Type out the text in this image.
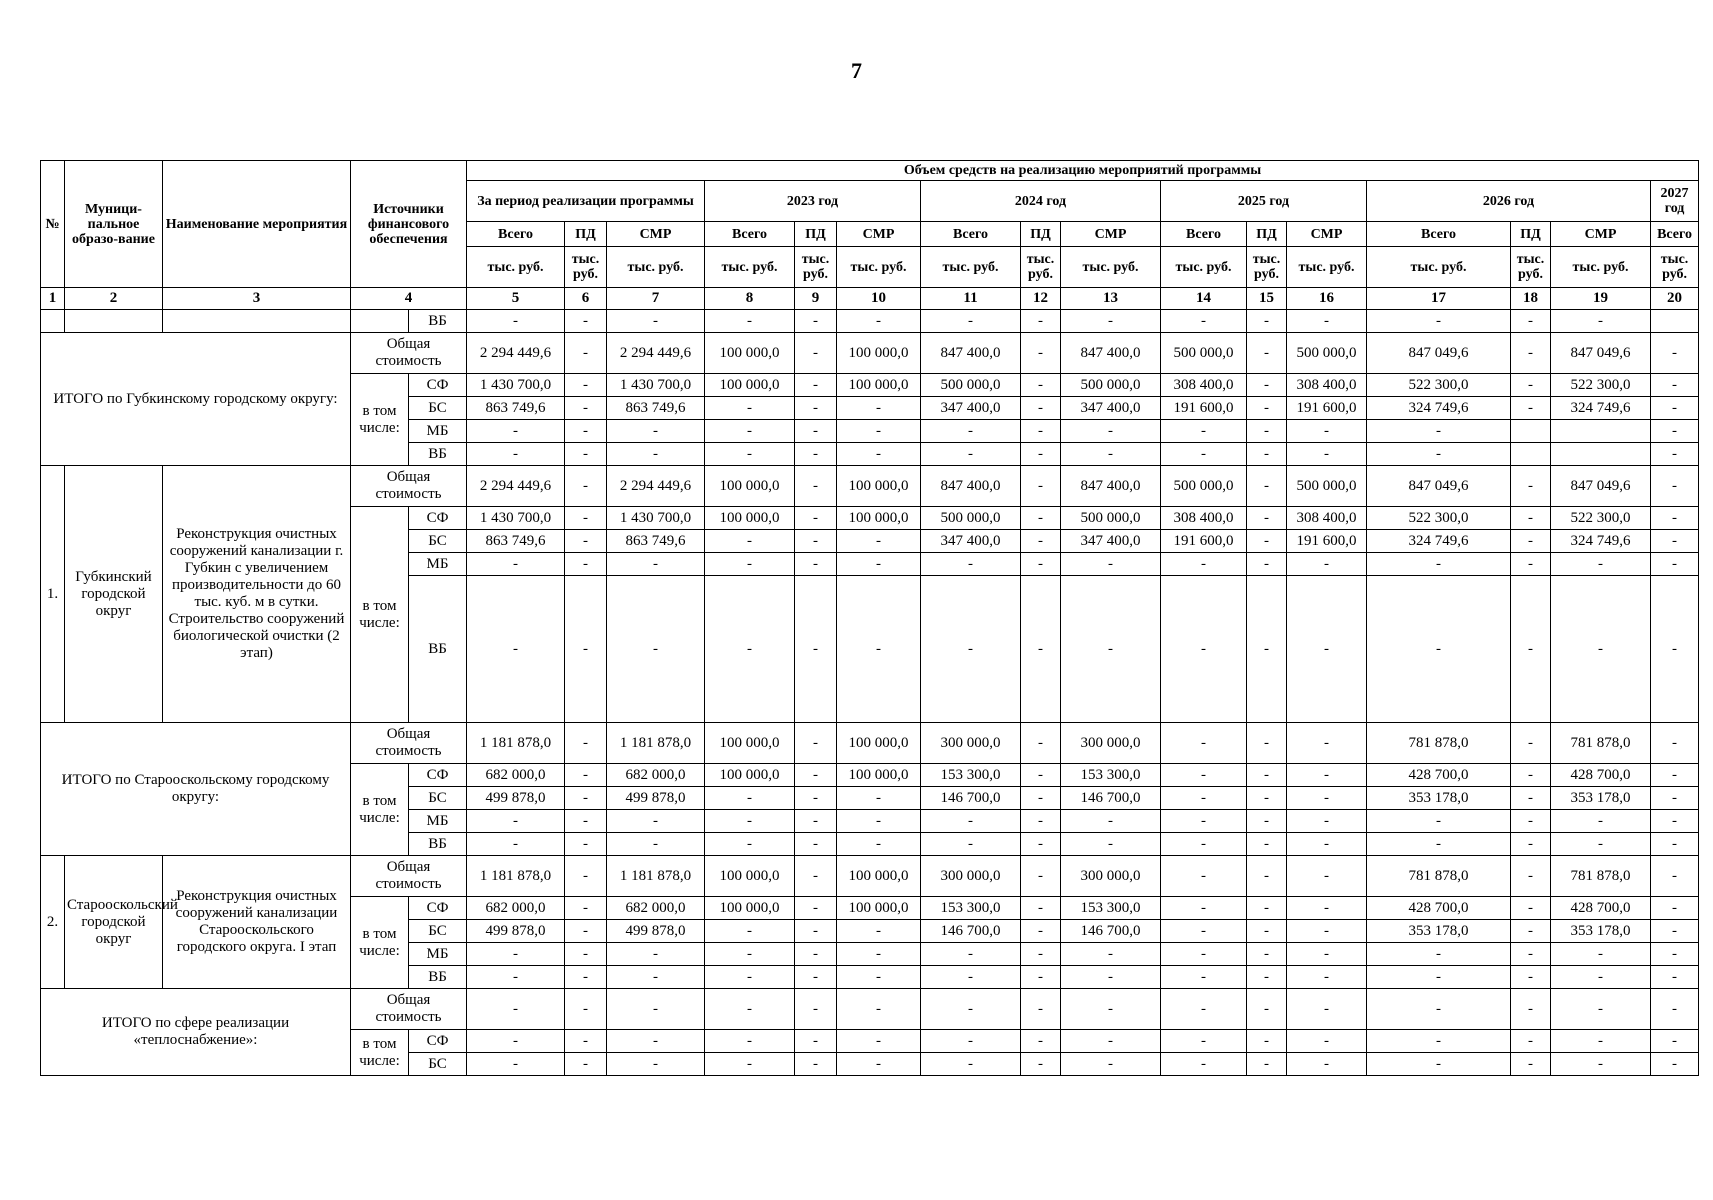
7
№	Муници-пальное образо-вание	Наименование мероприятия	Источники финансового обеспечения		Объем средств на реализацию мероприятий программы															
					За период реализации программы			2023 год			2024 год			2025 год			2026 год			2027 год
					Всего	ПД	СМР	Всего	ПД	СМР	Всего	ПД	СМР	Всего	ПД	СМР	Всего	ПД	СМР	Всего
					тыс. руб.	тыс. руб.	тыс. руб.	тыс. руб.	тыс. руб.	тыс. руб.	тыс. руб.	тыс. руб.	тыс. руб.	тыс. руб.	тыс. руб.	тыс. руб.	тыс. руб.	тыс. руб.	тыс. руб.	тыс. руб.
1	2	3	4		5	6	7	8	9	10	11	12	13	14	15	16	17	18	19	20
				ВБ	-	-	-	-	-	-	-	-	-	-	-	-	-	-	-	
ИТОГО по Губкинскому городскому округу:			Общая стоимость		2 294 449,6	-	2 294 449,6	100 000,0	-	100 000,0	847 400,0	-	847 400,0	500 000,0	-	500 000,0	847 049,6	-	847 049,6	-
			в том числе:	СФ	1 430 700,0	-	1 430 700,0	100 000,0	-	100 000,0	500 000,0	-	500 000,0	308 400,0	-	308 400,0	522 300,0	-	522 300,0	-
				БС	863 749,6	-	863 749,6	-	-	-	347 400,0	-	347 400,0	191 600,0	-	191 600,0	324 749,6	-	324 749,6	-
				МБ	-	-	-	-	-	-	-	-	-	-	-	-	-			-
				ВБ	-	-	-	-	-	-	-	-	-	-	-	-	-			-
1.	Губкинский городской округ	Реконструкция очистных сооружений канализации г. Губкин с увеличением производительности до 60 тыс. куб. м в сутки. Строительство сооружений биологической очистки (2 этап)	Общая стоимость		2 294 449,6	-	2 294 449,6	100 000,0	-	100 000,0	847 400,0	-	847 400,0	500 000,0	-	500 000,0	847 049,6	-	847 049,6	-
			в том числе:	СФ	1 430 700,0	-	1 430 700,0	100 000,0	-	100 000,0	500 000,0	-	500 000,0	308 400,0	-	308 400,0	522 300,0	-	522 300,0	-
				БС	863 749,6	-	863 749,6	-	-	-	347 400,0	-	347 400,0	191 600,0	-	191 600,0	324 749,6	-	324 749,6	-
				МБ	-	-	-	-	-	-	-	-	-	-	-	-	-	-	-	-
				ВБ	-	-	-	-	-	-	-	-	-	-	-	-	-	-	-	-
ИТОГО по Старооскольскому городскому округу:			Общая стоимость		1 181 878,0	-	1 181 878,0	100 000,0	-	100 000,0	300 000,0	-	300 000,0	-	-	-	781 878,0	-	781 878,0	-
			в том числе:	СФ	682 000,0	-	682 000,0	100 000,0	-	100 000,0	153 300,0	-	153 300,0	-	-	-	428 700,0	-	428 700,0	-
				БС	499 878,0	-	499 878,0	-	-	-	146 700,0	-	146 700,0	-	-	-	353 178,0	-	353 178,0	-
				МБ	-	-	-	-	-	-	-	-	-	-	-	-	-	-	-	-
				ВБ	-	-	-	-	-	-	-	-	-	-	-	-	-	-	-	-
2.	Старооскольский городской округ	Реконструкция очистных сооружений канализации Старооскольского городского округа. I этап	Общая стоимость		1 181 878,0	-	1 181 878,0	100 000,0	-	100 000,0	300 000,0	-	300 000,0	-	-	-	781 878,0	-	781 878,0	-
			в том числе:	СФ	682 000,0	-	682 000,0	100 000,0	-	100 000,0	153 300,0	-	153 300,0	-	-	-	428 700,0	-	428 700,0	-
				БС	499 878,0	-	499 878,0	-	-	-	146 700,0	-	146 700,0	-	-	-	353 178,0	-	353 178,0	-
				МБ	-	-	-	-	-	-	-	-	-	-	-	-	-	-	-	-
				ВБ	-	-	-	-	-	-	-	-	-	-	-	-	-	-	-	-
ИТОГО по сфере реализации «теплоснабжение»:			Общая стоимость		-	-	-	-	-	-	-	-	-	-	-	-	-	-	-	-
			в том числе:	СФ	-	-	-	-	-	-	-	-	-	-	-	-	-	-	-	-
				БС	-	-	-	-	-	-	-	-	-	-	-	-	-	-	-	-
